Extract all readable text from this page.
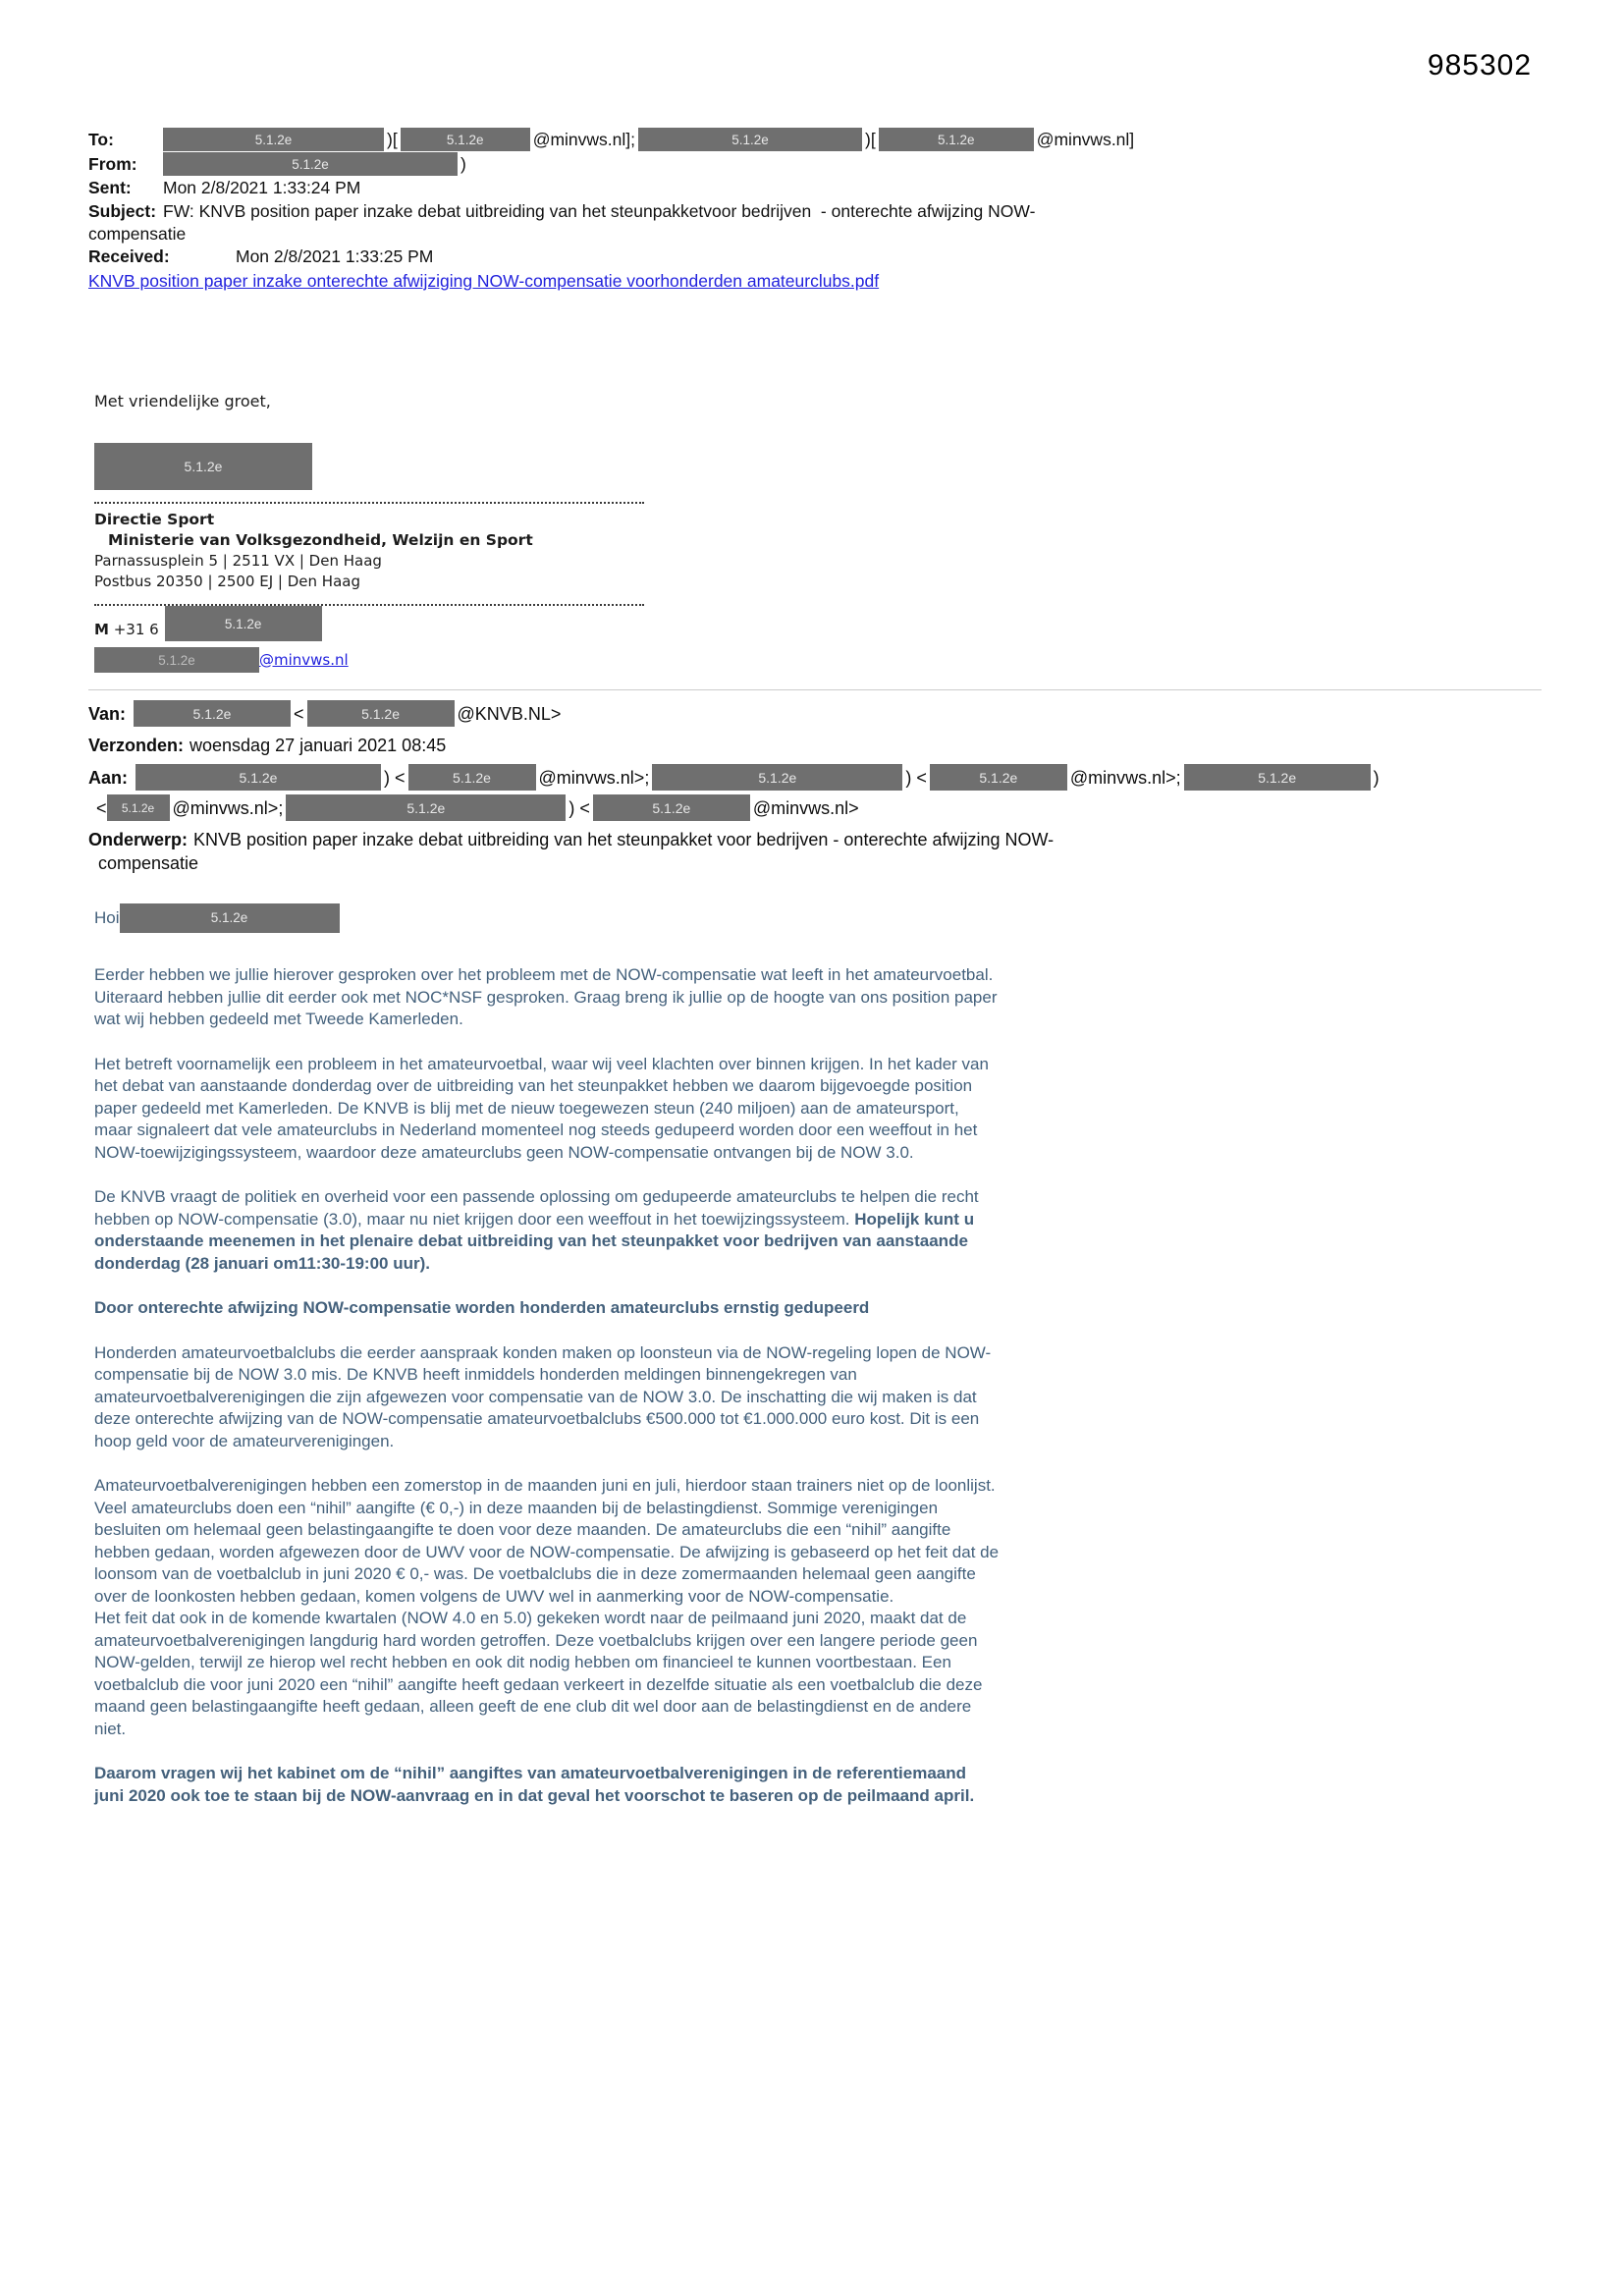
985302
To:	5.1.2e	)[	5.1.2e	@minvws.nl];	5.1.2e	)[	5.1.2e	@minvws.nl]
From:	5.1.2e	)
Sent:	Mon 2/8/2021 1:33:24 PM
Subject: FW: KNVB position paper inzake debat uitbreiding van het steunpakketvoor bedrijven  - onterechte afwijzing NOW-
compensatie
Received:	Mon 2/8/2021 1:33:25 PM
KNVB position paper inzake onterechte afwijziging NOW-compensatie voorhonderden amateurclubs.pdf
Met vriendelijke groet,
5.1.2e
Directie Sport
Ministerie van Volksgezondheid, Welzijn en Sport
Parnassusplein 5 | 2511 VX | Den Haag
Postbus 20350 | 2500 EJ | Den Haag
M
+31 6	5.1.2e
5.1.2e	@minvws.nl
Van:	5.1.2e	<	5.1.2e	@KNVB.NL>
Verzonden: woensdag 27 januari 2021 08:45
Aan:	5.1.2e	) <	5.1.2e	@minvws.nl>;	5.1.2e	) <	5.1.2e	@minvws.nl>;	5.1.2e	)
<	5.1.2e	@minvws.nl>;	5.1.2e	) <	5.1.2e	@minvws.nl>
Onderwerp: KNVB position paper inzake debat uitbreiding van het steunpakket voor bedrijven - onterechte afwijzing NOW-
compensatie
Hoi	5.1.2e

Eerder hebben we jullie hierover gesproken over het probleem met de NOW-compensatie wat leeft in het amateurvoetbal. Uiteraard hebben jullie dit eerder ook met NOC*NSF gesproken. Graag breng ik jullie op de hoogte van ons position paper wat wij hebben gedeeld met Tweede Kamerleden.

Het betreft voornamelijk een probleem in het amateurvoetbal, waar wij veel klachten over binnen krijgen. In het kader van het debat van aanstaande donderdag over de uitbreiding van het steunpakket hebben we daarom bijgevoegde position paper gedeeld met Kamerleden. De KNVB is blij met de nieuw toegewezen steun (240 miljoen) aan de amateursport, maar signaleert dat vele amateurclubs in Nederland momenteel nog steeds gedupeerd worden door een weeffout in het NOW-toewijzigingssysteem, waardoor deze amateurclubs geen NOW-compensatie ontvangen bij de NOW 3.0.

De KNVB vraagt de politiek en overheid voor een passende oplossing om gedupeerde amateurclubs te helpen die recht hebben op NOW-compensatie (3.0), maar nu niet krijgen door een weeffout in het toewijzingssysteem. Hopelijk kunt u onderstaande meenemen in het plenaire debat uitbreiding van het steunpakket voor bedrijven van aanstaande donderdag (28 januari om11:30-19:00 uur).

Door onterechte afwijzing NOW-compensatie worden honderden amateurclubs ernstig gedupeerd

Honderden amateurvoetbalclubs die eerder aanspraak konden maken op loonsteun via de NOW-regeling lopen de NOW-compensatie bij de NOW 3.0 mis. De KNVB heeft inmiddels honderden meldingen binnengekregen van amateurvoetbalverenigingen die zijn afgewezen voor compensatie van de NOW 3.0. De inschatting die wij maken is dat deze onterechte afwijzing van de NOW-compensatie amateurvoetbalclubs €500.000 tot €1.000.000 euro kost. Dit is een hoop geld voor de amateurverenigingen.

Amateurvoetbalverenigingen hebben een zomerstop in de maanden juni en juli, hierdoor staan trainers niet op de loonlijst. Veel amateurclubs doen een “nihil” aangifte (€ 0,-) in deze maanden bij de belastingdienst. Sommige verenigingen besluiten om helemaal geen belastingaangifte te doen voor deze maanden. De amateurclubs die een “nihil” aangifte hebben gedaan, worden afgewezen door de UWV voor de NOW-compensatie. De afwijzing is gebaseerd op het feit dat de loonsom van de voetbalclub in juni 2020 € 0,- was. De voetbalclubs die in deze zomermaanden helemaal geen aangifte over de loonkosten hebben gedaan, komen volgens de UWV wel in aanmerking voor de NOW-compensatie.

Het feit dat ook in de komende kwartalen (NOW 4.0 en 5.0) gekeken wordt naar de peilmaand juni 2020, maakt dat de amateurvoetbalverenigingen langdurig hard worden getroffen. Deze voetbalclubs krijgen over een langere periode geen NOW-gelden, terwijl ze hierop wel recht hebben en ook dit nodig hebben om financieel te kunnen voortbestaan. Een voetbalclub die voor juni 2020 een “nihil” aangifte heeft gedaan verkeert in dezelfde situatie als een voetbalclub die deze maand geen belastingaangifte heeft gedaan, alleen geeft de ene club dit wel door aan de belastingdienst en de andere niet.

Daarom vragen wij het kabinet om de “nihil” aangiftes van amateurvoetbalverenigingen in de referentiemaand juni 2020 ook toe te staan bij de NOW-aanvraag en in dat geval het voorschot te baseren op de peilmaand april.
